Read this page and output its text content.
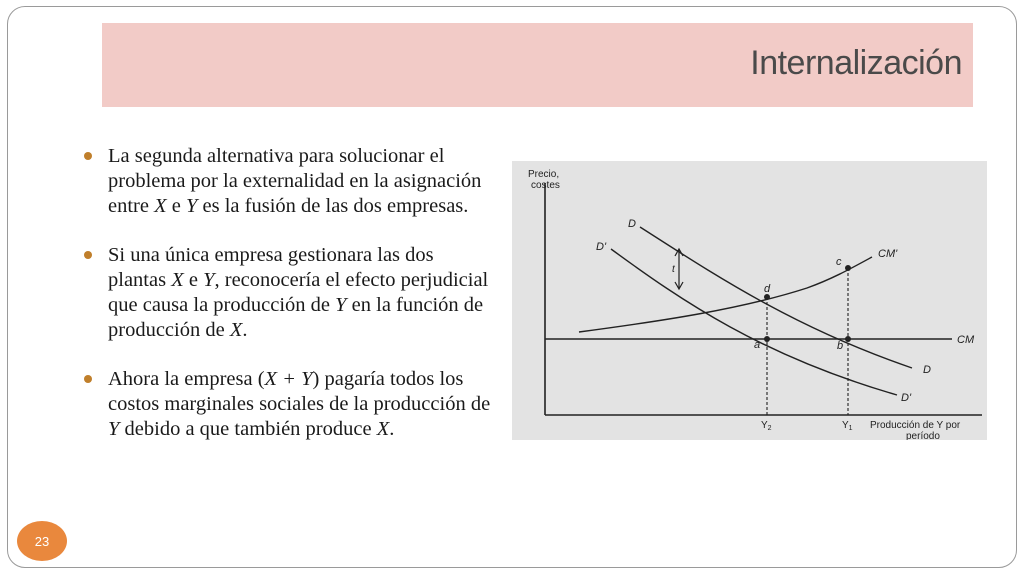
Internalización
La segunda alternativa para solucionar el problema por la externalidad en la asignación entre X e Y es la fusión de las dos empresas.
Si una única empresa gestionara las dos plantas X e Y, reconocería el efecto perjudicial que causa la producción de Y en la función de producción de X.
Ahora la empresa (X + Y) pagaría todos los costos marginales sociales de la producción de Y debido a que también produce X.
Precio,
costes
Producción de Y por
período
CM
CM'
D
D
D'
D'
t
d
a	b
c
$Y_2$	$Y_1$
23
